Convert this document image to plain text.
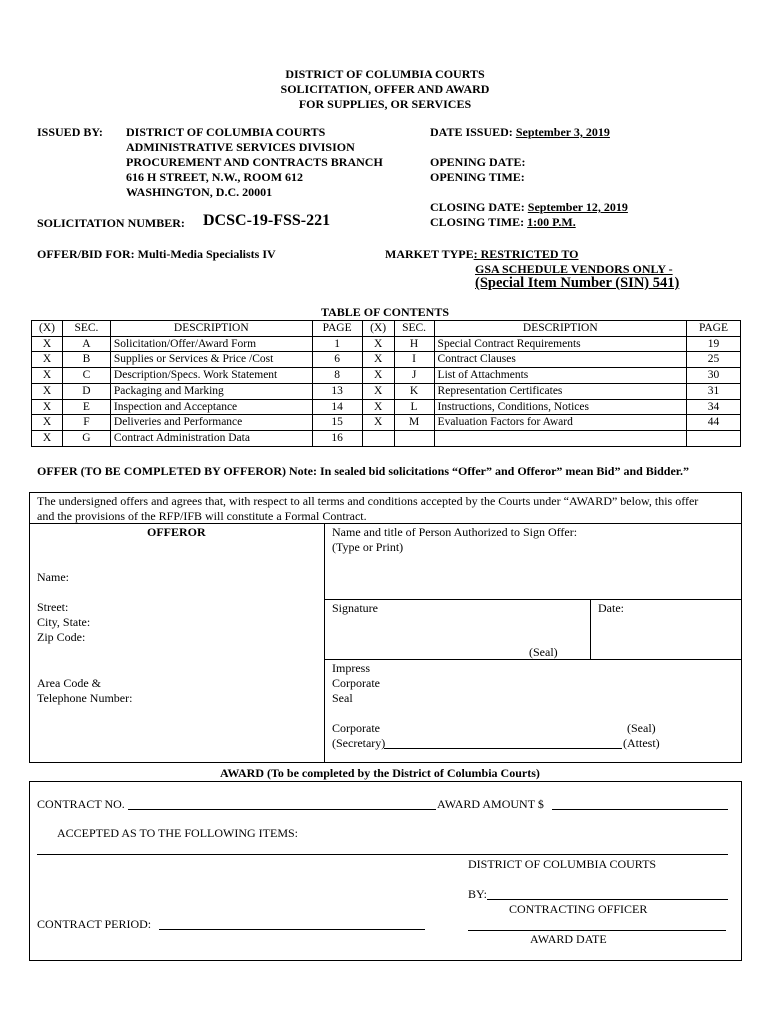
DISTRICT OF COLUMBIA COURTS
SOLICITATION, OFFER AND AWARD
FOR SUPPLIES, OR SERVICES
ISSUED BY: DISTRICT OF COLUMBIA COURTS
ADMINISTRATIVE SERVICES DIVISION
PROCUREMENT AND CONTRACTS BRANCH
616 H STREET, N.W., ROOM 612
WASHINGTON, D.C. 20001
DATE ISSUED: September 3, 2019
OPENING DATE:
OPENING TIME:
CLOSING DATE: September 12, 2019
CLOSING TIME: 1:00 P.M.
SOLICITATION NUMBER: DCSC-19-FSS-221
OFFER/BID FOR: Multi-Media Specialists IV	MARKET TYPE: RESTRICTED TO
GSA SCHEDULE VENDORS ONLY -
(Special Item Number (SIN) 541)
TABLE OF CONTENTS
(X)	SEC.	DESCRIPTION	PAGE	(X)	SEC.	DESCRIPTION	PAGE
X	A	Solicitation/Offer/Award Form	1	X	H	Special Contract Requirements	19
X	B	Supplies or Services & Price /Cost	6	X	I	Contract Clauses	25
X	C	Description/Specs. Work Statement	8	X	J	List of Attachments	30
X	D	Packaging and Marking	13	X	K	Representation Certificates	31
X	E	Inspection and Acceptance	14	X	L	Instructions, Conditions, Notices	34
X	F	Deliveries and Performance	15	X	M	Evaluation Factors for Award	44
X	G	Contract Administration Data	16				
OFFER (TO BE COMPLETED BY OFFEROR) Note: In sealed bid solicitations “Offer” and Offeror” mean Bid” and Bidder.”
The undersigned offers and agrees that, with respect to all terms and conditions accepted by the Courts under “AWARD” below, this offer
and the provisions of the RFP/IFB will constitute a Formal Contract.
OFFEROR
Name:
Street:
City, State:
Zip Code:
Area Code &
Telephone Number:
Name and title of Person Authorized to Sign Offer:
(Type or Print)
Signature	Date:
(Seal)
Impress
Corporate
Seal
Corporate
(Secretary)
(Seal)
(Attest)
AWARD (To be completed by the District of Columbia Courts)
CONTRACT NO.	AWARD AMOUNT $
ACCEPTED AS TO THE FOLLOWING ITEMS:
DISTRICT OF COLUMBIA COURTS
BY:
CONTRACTING OFFICER
CONTRACT PERIOD:
AWARD DATE
